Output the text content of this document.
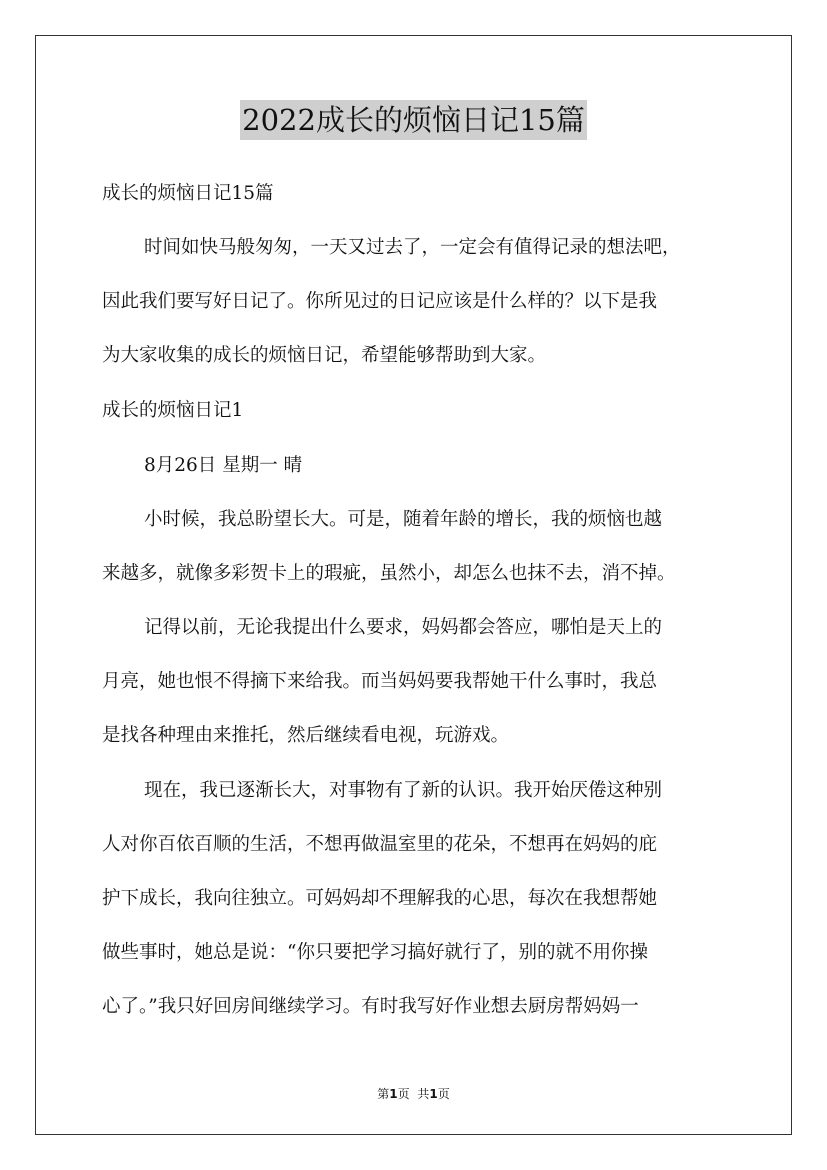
2022成长的烦恼日记15篇
成长的烦恼日记15篇
时间如快马般匆匆，一天又过去了，一定会有值得记录的想法吧，
因此我们要写好日记了。你所见过的日记应该是什么样的？以下是我
为大家收集的成长的烦恼日记，希望能够帮助到大家。
成长的烦恼日记1
8月26日 星期一 晴
小时候，我总盼望长大。可是，随着年龄的增长，我的烦恼也越
来越多，就像多彩贺卡上的瑕疵，虽然小，却怎么也抹不去，消不掉。
记得以前，无论我提出什么要求，妈妈都会答应，哪怕是天上的
月亮，她也恨不得摘下来给我。而当妈妈要我帮她干什么事时，我总
是找各种理由来推托，然后继续看电视，玩游戏。
现在，我已逐渐长大，对事物有了新的认识。我开始厌倦这种别
人对你百依百顺的生活，不想再做温室里的花朵，不想再在妈妈的庇
护下成长，我向往独立。可妈妈却不理解我的心思，每次在我想帮她
做些事时，她总是说：“你只要把学习搞好就行了，别的就不用你操
心了。”我只好回房间继续学习。有时我写好作业想去厨房帮妈妈一
第1页 共1页
